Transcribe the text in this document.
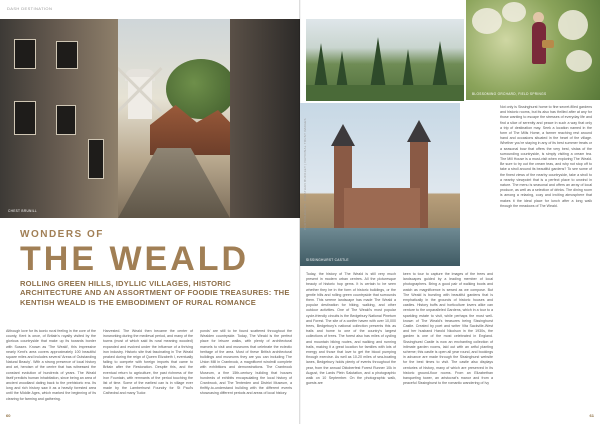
DASH DESTINATION
CHEST BRUNILL
WONDERS OF
THE WEALD
ROLLING GREEN HILLS, IDYLLIC VILLAGES, HISTORIC ARCHITECTURE AND AN ASSORTMENT OF FOODIE TREASURES: THE KENTISH WEALD IS THE EMBODIMENT OF RURAL ROMANCE
Although love for its iconic rural feeling in the core of the county, Kent is once, of Britain's royalty visited by the glorious countryside that make up its towards border with Sussex. Known as 'The Weald', this impressive nearly Kent's area covers approximately 100 beautiful square miles and includes several 'Areas of Outstanding Natural Beauty'. With a strong presence of local history and art, heroism of the centre that has witnessed the constant evolution of hundreds of years. The Weald itself predicts human inhabitation, since being an area of ancient woodland dating back to the prehistoric era. Its long and rich history saw it as a heavily forested area until the Middle Ages, which marked the beginning of its clearing for farming and gathering.
Harvested. The Weald then became the center of ironworking during the medieval period, and many of the towns (most of which said its rural meaning wooded) expanded and evolved under the influence of a thriving iron industry. Historic site that fascinating in The Weald peaked during the reign of Queen Elizabeth I, eventually failing to compete with foreign imports that came to Britain after the Restoration. Despite this, and the eventual return to agriculture, the past richness of the Iron Fountain, with remnants of the period touching the list of time. Some of the earliest can is in village ever made by the Lamberhurst Foundry for St Paul's Cathedral and many Tudor.
ponds' are still to be found scattered throughout the Wealden countryside. Today, The Weald is the perfect place for leisure walks, with plenty of architectural marvels to visit and museums that celebrate the eclectic heritage of the area. Most of these British architectural buildings and museums they are you can including The Union Mill in Cranbrook, a magnificent windmill complete with exhibitions and demonstrations. The Cranbrook Museum, a fine 15th-century building that houses hundreds of exhibits encapsulating the local history of Cranbrook, and The Tenterden and District Museum, a thriftly-to-understand building with the different events showcasing different periods and areas of local history.
60
BLOSSOMING ORCHARD, FIELD SPRINGS
SISSINGHURST CASTLE
Today, the history of The Weald is still very much present in modern urban centres. All the picturesque beauty of historic hop gems. It is certain to be seen whether they be in the form of historic buildings, or the gentle hills and rolling green countryside that surrounds them. This serene landscape has made The Weald a popular destination for hiking, walking, and other outdoor activities. One of The Weald's most popular cycle-friendly circuits is the Bedgebury National Pinetum and Forest. The site of a conifer haven with over 10,000 trees, Bedgebury's national collection presents this as trails and home to one of the country's largest collections of trees. The forest also has miles of cycling and mountain biking routes, and walking and running trails, making it a great location for families with lots of energy and those that love to get the blood pumping through exercise. As well as 10-20 miles of sea-boating lanes, Bedgebury holds plenty of events throughout the year, from the annual Oktoberfest Forest Runner 10k in August, the Lards Plein Salutation, and a photographic walk on 10 September. On the photographic walk, guests are
keen to tour to capture the images of the trees and landscapes guided by a leading member of local photographers. Bring a good pair of walking boots and watch as magnificence is sewed as we compose. But The Weald is bursting with beautiful gardens that is emphatically in the grounds of historic houses and castles. History buffs and horticulture lovers alike can venture to the unparalleled Gardens, which in a tour to a sparkling estate to visit, while perhaps the most well-known of The Weald's treasures being Sissinghurst Castle. Created by poet and writer Vita Sackville-West and her husband Harold Nicolson in the 1930s, the garden is one of the most celebrated in England. Sissinghurst Castle is now an enchanting collection of intimate garden rooms, laid out with an artful planting scheme; this castle is open all year round, and bookings in advance are made through the Sissinghurst website for the best times to visit. The castle also displays centuries of history, many of which are preserved in its historic ground-floor rooms. From an Elizabethan banqueting tower, an aristocrat's manor and from a peaceful Sissinghurst to the romantic wandering of Ivy
Not only is Sissinghurst home to fine secret-filled gardens and historic rooms, but its also has thrilled after at any for those wanting to escape the stresses of everyday life and find a slice of serenity and peace in such a way that only a trip of destination may. Seek a location named in the form of The Mills Home, a farmer reaching rest around hand and occasions situated in the heart of the village. Whether you're staying in any of its best summer treats or a seasonal bow that offers the very best, vistas of the surrounding countryside, is simply visiting a cream tea. The Mill House is a must-visit when exploring The Weald. Be sure to try out the cream teas, and why not stop off to take a stroll around its beautiful gardens? To see some of the finest views of the nearby countryside, take a stroll to a nearby viewpoint that is a perfect place to unwind in nature. The menu is seasonal and offers an array of local produce, as well as a selection of drinks. The dining room is among a relaxing, cozy and inviting atmosphere that makes it the ideal place for lunch after a long walk through the meadows of The Weald.
PHOTOGRAPHY: JONATHAN BUCKLEY | NATIONAL TRUST IMAGES
61
